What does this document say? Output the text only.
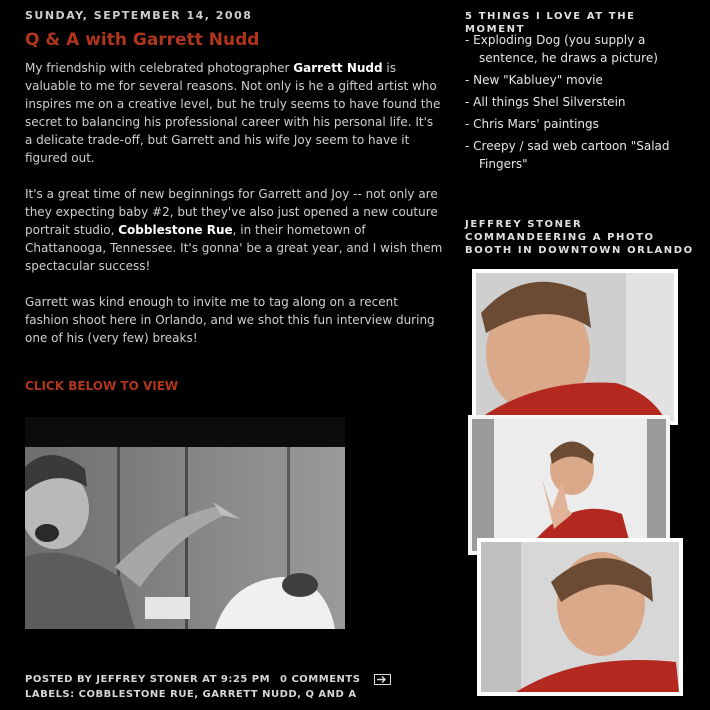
SUNDAY, SEPTEMBER 14, 2008
Q & A with Garrett Nudd

My friendship with celebrated photographer Garrett Nudd is valuable to me for several reasons. Not only is he a gifted artist who inspires me on a creative level, but he truly seems to have found the secret to balancing his professional career with his personal life. It's a delicate trade-off, but Garrett and his wife Joy seem to have it figured out.

It's a great time of new beginnings for Garrett and Joy -- not only are they expecting baby #2, but they've also just opened a new couture portrait studio, Cobblestone Rue, in their hometown of Chattanooga, Tennessee. It's gonna' be a great year, and I wish them spectacular success!

Garrett was kind enough to invite me to tag along on a recent fashion shoot here in Orlando, and we shot this fun interview during one of his (very few) breaks!

CLICK BELOW TO VIEW
POSTED BY JEFFREY STONER AT 9:25 PM 0 COMMENTS
LABELS: COBBLESTONE RUE, GARRETT NUDD, Q AND A
5 THINGS I LOVE AT THE MOMENT
- Exploding Dog (you supply a sentence, he draws a picture)
- New "Kabluey" movie
- All things Shel Silverstein
- Chris Mars' paintings
- Creepy / sad web cartoon "Salad Fingers"
JEFFREY STONER COMMANDEERING A PHOTO BOOTH IN DOWNTOWN ORLANDO
